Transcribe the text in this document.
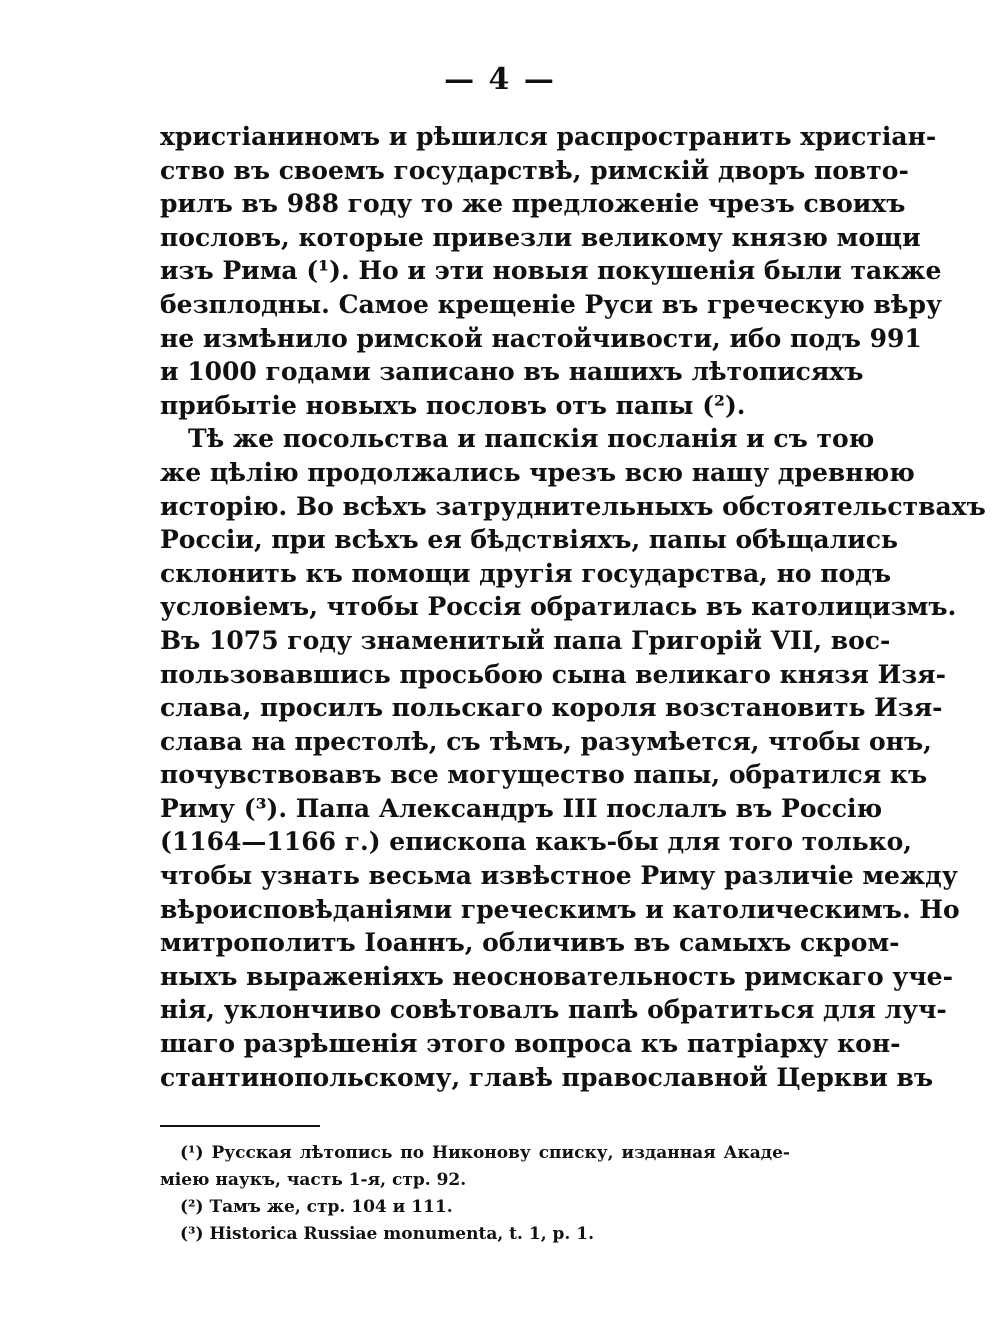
— 4 —
христіаниномъ и рѣшился распространить христіан-
ство въ своемъ государствѣ, римскій дворъ повто-
рилъ въ 988 году то же предложеніе чрезъ своихъ
пословъ, которые привезли великому князю мощи
изъ Рима (¹). Но и эти новыя покушенія были также
безплодны. Самое крещеніе Руси въ греческую вѣру
не измѣнило римской настойчивости, ибо подъ 991
и 1000 годами записано въ нашихъ лѣтописяхъ
прибытіе новыхъ пословъ отъ папы (²).
Тѣ же посольства и папскія посланія и съ тою
же цѣлію продолжались чрезъ всю нашу древнюю
исторію. Во всѣхъ затруднительныхъ обстоятельствахъ
Россіи, при всѣхъ ея бѣдствіяхъ, папы обѣщались
склонить къ помощи другія государства, но подъ
условіемъ, чтобы Россія обратилась въ католицизмъ.
Въ 1075 году знаменитый папа Григорій VII, вос-
пользовавшись просьбою сына великаго князя Изя-
слава, просилъ польскаго короля возстановить Изя-
слава на престолѣ, съ тѣмъ, разумѣется, чтобы онъ,
почувствовавъ все могущество папы, обратился къ
Риму (³). Папа Александръ III послалъ въ Россію
(1164—1166 г.) епископа какъ-бы для того только,
чтобы узнать весьма извѣстное Риму различіе между
вѣроисповѣданіями греческимъ и католическимъ. Но
митрополитъ Іоаннъ, обличивъ въ самыхъ скром-
ныхъ выраженіяхъ неосновательность римскаго уче-
нія, уклончиво совѣтовалъ папѣ обратиться для луч-
шаго разрѣшенія этого вопроса къ патріарху кон-
стантинопольскому, главѣ православной Церкви въ
(¹) Русская лѣтопись по Никонову списку, изданная Акаде-
міею наукъ, часть 1-я, стр. 92.
(²) Тамъ же, стр. 104 и 111.
(³) Historica Russiae monumenta, t. 1, p. 1.
